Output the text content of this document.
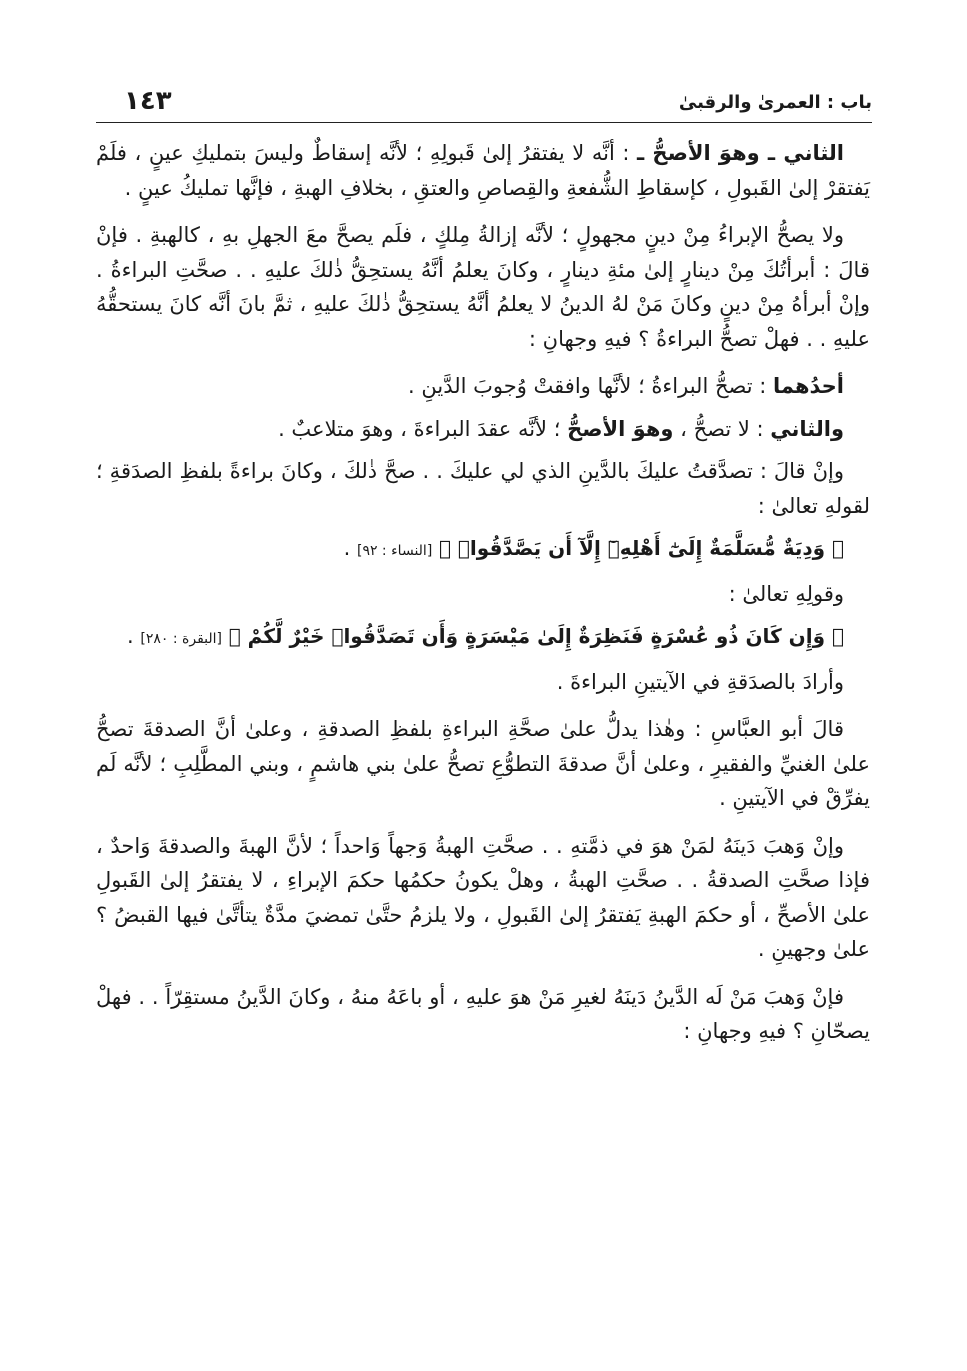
باب : العمرىٰ والرقبىٰ
١٤٣

الثاني ـ وهوَ الأصحُّ ـ : أنَّه لا يفتقرُ إلىٰ قَبولِهِ ؛ لأنَّه إسقاطٌ وليسَ بتمليكِ عينٍ ، فلَمْ يَفتقرْ إلىٰ القَبولِ ، كإسقاطِ الشُّفعةِ والقِصاصِ والعتقِ ، بخلافِ الهبةِ ، فإنَّها تمليكُ عينٍ .

ولا يصحُّ الإبراءُ مِنْ دينٍ مجهولٍ ؛ لأنَّه إزالةُ مِلكٍ ، فلَم يصحَّ معَ الجهلِ بهِ ، كالهبةِ . فإنْ قالَ : أبرأتُكَ مِنْ دينارٍ إلىٰ مئةِ دينارٍ ، وكانَ يعلمُ أنَّهُ يستحِقُّ ذٰلكَ عليهِ . . صحَّتِ البراءةُ . وإنْ أبرأهُ مِنْ دينٍ وكانَ مَنْ لهُ الدينُ لا يعلمُ أنَّهُ يستحِقُّ ذٰلكَ عليهِ ، ثمَّ بانَ أنَّه كانَ يستحقُّهُ عليهِ . . فهلْ تصحُّ البراءةُ ؟ فيهِ وجهانِ :

أحدُهما : تصحُّ البراءةُ ؛ لأنَّها وافقتْ وُجوبَ الدَّينِ .

والثاني : لا تصحُّ ، وهوَ الأصحُّ ؛ لأنَّه عقدَ البراءةَ ، وهوَ متلاعبٌ .

وإنْ قالَ : تصدَّقتُ عليكَ بالدَّينِ الذي لي عليكَ . . صحَّ ذٰلكَ ، وكانَ براءةً بلفظِ الصدَقةِ ؛ لقولهِ تعالىٰ :

﴿ وَدِيَةٌ مُّسَلَّمَةٌ إِلَىٰٓ أَهْلِهِۦٓ إِلَّآ أَن يَصَّدَّقُوا۟ ﴾ [النساء : ٩٢] .

وقولِهِ تعالىٰ :

﴿ وَإِن كَانَ ذُو عُسْرَةٍ فَنَظِرَةٌ إِلَىٰ مَيْسَرَةٍ وَأَن تَصَدَّقُوا۟ خَيْرٌ لَّكُمْ ﴾ [البقرة : ٢٨٠] .

وأرادَ بالصدَقةِ في الآيتينِ البراءةَ .

قالَ أبو العبَّاسِ : وهٰذا يدلُّ علىٰ صحَّةِ البراءةِ بلفظِ الصدقةِ ، وعلىٰ أنَّ الصدقةَ تصحُّ علىٰ الغنيِّ والفقيرِ ، وعلىٰ أنَّ صدقةَ التطوُّعِ تصحُّ علىٰ بني هاشمٍ ، وبني المطَّلِبِ ؛ لأنَّه لَم يفرِّقْ في الآيتينِ .

وإنْ وَهبَ دَينَهُ لمَنْ هوَ في ذمَّتهِ . . صحَّتِ الهبةُ وَجهاً وَاحداً ؛ لأنَّ الهبةَ والصدقةَ وَاحدٌ ، فإذا صحَّتِ الصدقةُ . . صحَّتِ الهبةُ ، وهلْ يكونُ حكمُها حكمَ الإبراءِ ، لا يفتقرُ إلىٰ القَبولِ علىٰ الأصحِّ ، أو حكمَ الهبةِ يَفتقرُ إلىٰ القَبولِ ، ولا يلزمُ حتَّىٰ تمضيَ مدَّةٌ يتأتَّىٰ فيها القبضُ ؟ علىٰ وجهينِ .

فإنْ وَهبَ مَنْ لَه الدَّينُ دَينَهُ لغيرِ مَنْ هوَ عليهِ ، أو باعَهُ منهُ ، وكانَ الدَّينُ مستقِرّاً . . فهلْ يصحّانِ ؟ فيهِ وجهانِ :
